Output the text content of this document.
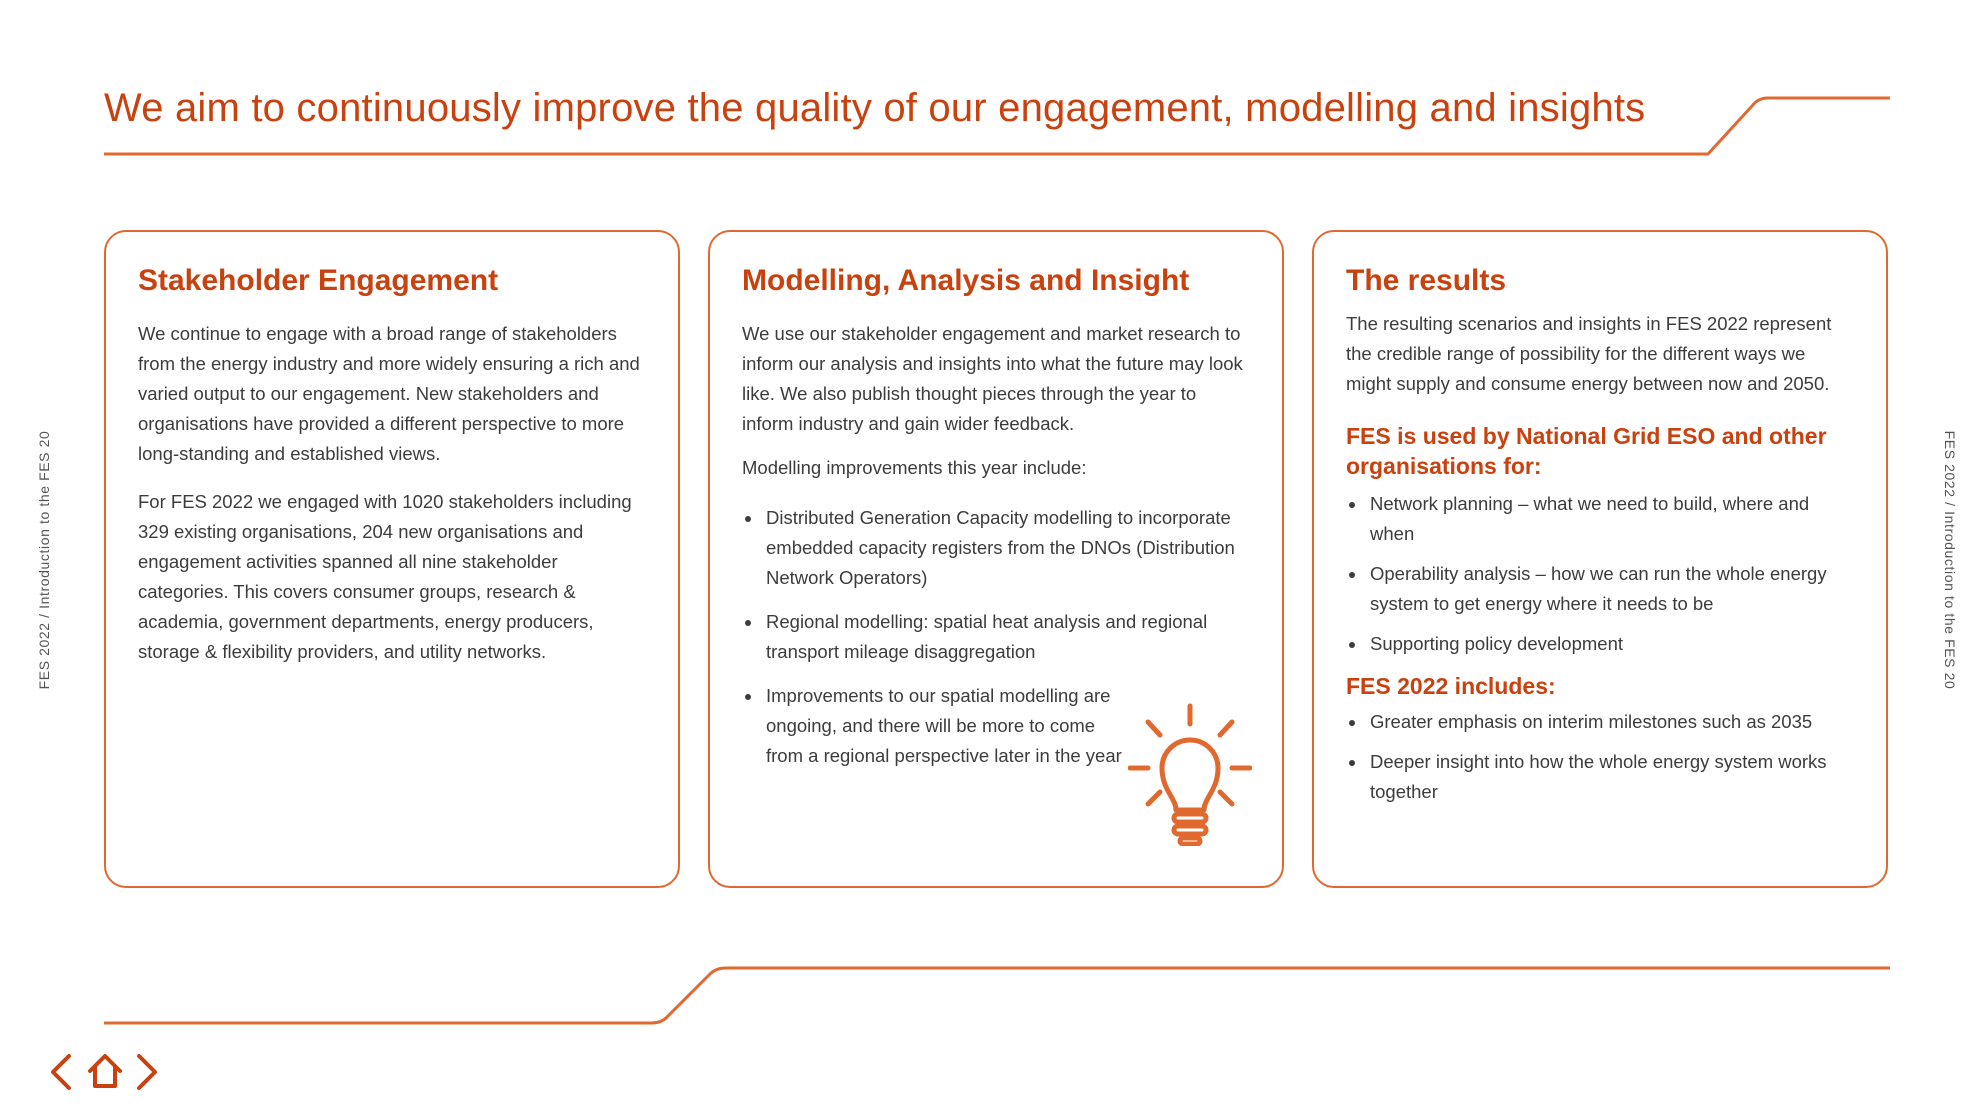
We aim to continuously improve the quality of our engagement, modelling and insights
FES 2022 / Introduction to the FES 20	FES 2022 / Introduction to the FES 20
Stakeholder Engagement

We continue to engage with a broad range of stakeholders from the energy industry and more widely ensuring a rich and varied output to our engagement. New stakeholders and organisations have provided a different perspective to more long-standing and established views.

For FES 2022 we engaged with 1020 stakeholders including 329 existing organisations, 204 new organisations and engagement activities spanned all nine stakeholder categories. This covers consumer groups, research & academia, government departments, energy producers, storage & flexibility providers, and utility networks.

Modelling, Analysis and Insight

We use our stakeholder engagement and market research to inform our analysis and insights into what the future may look like. We also publish thought pieces through the year to inform industry and gain wider feedback.

Modelling improvements this year include:

Distributed Generation Capacity modelling to incorporate embedded capacity registers from the DNOs (Distribution Network Operators)
Regional modelling: spatial heat analysis and regional transport mileage disaggregation
Improvements to our spatial modelling are ongoing, and there will be more to come from a regional perspective later in the year
The results

The resulting scenarios and insights in FES 2022 represent the credible range of possibility for the different ways we might supply and consume energy between now and 2050.

FES is used by National Grid ESO and other organisations for:
Network planning – what we need to build, where and when
Operability analysis – how we can run the whole energy system to get energy where it needs to be
Supporting policy development
FES 2022 includes:
Greater emphasis on interim milestones such as 2035
Deeper insight into how the whole energy system works together
